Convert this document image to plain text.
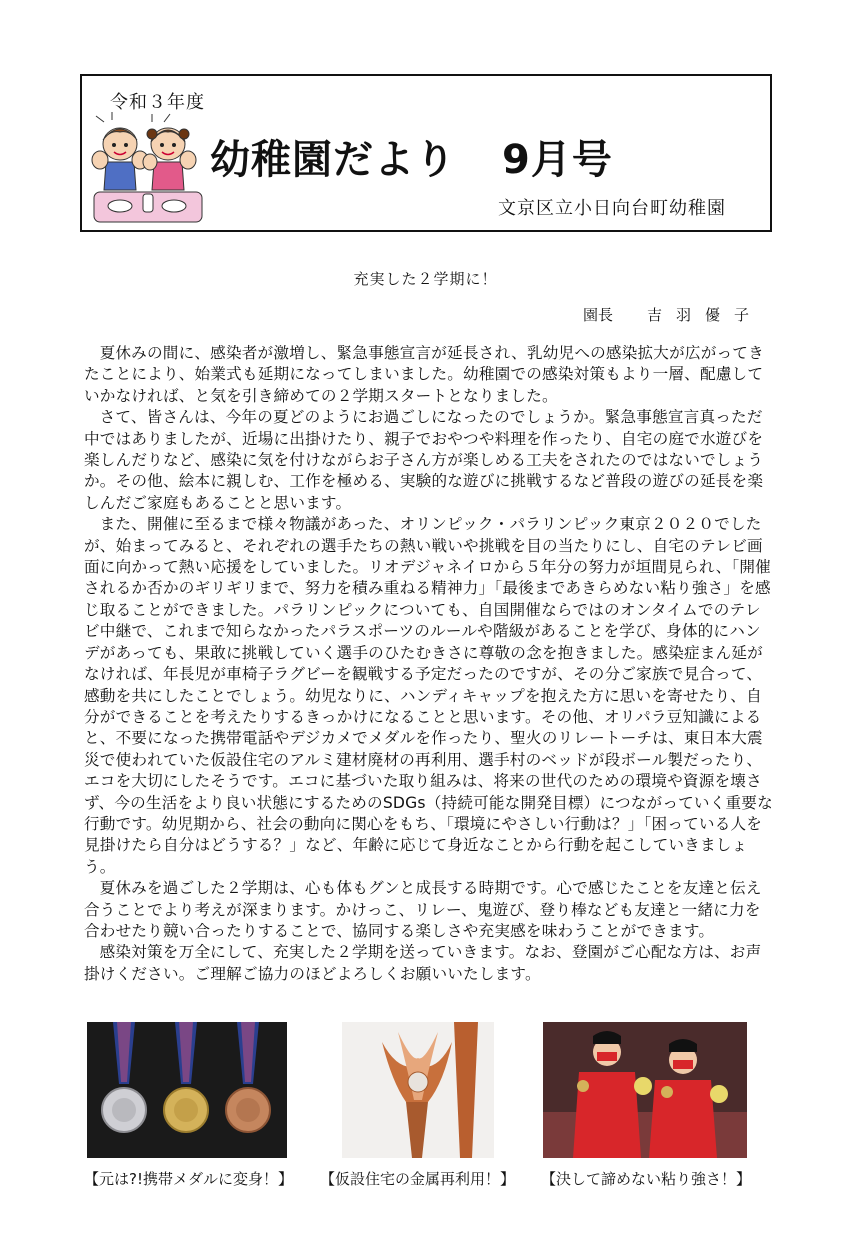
令和３年度
幼稚園だより 9月号
文京区立小日向台町幼稚園
充実した２学期に！
園長 吉羽優子

夏休みの間に、感染者が激増し、緊急事態宣言が延長され、乳幼児への感染拡大が広がってきたことにより、始業式も延期になってしまいました。幼稚園での感染対策もより一層、配慮していかなければ、と気を引き締めての２学期スタートとなりました。

さて、皆さんは、今年の夏どのようにお過ごしになったのでしょうか。緊急事態宣言真っただ中ではありましたが、近場に出掛けたり、親子でおやつや料理を作ったり、自宅の庭で水遊びを楽しんだりなど、感染に気を付けながらお子さん方が楽しめる工夫をされたのではないでしょうか。その他、絵本に親しむ、工作を極める、実験的な遊びに挑戦するなど普段の遊びの延長を楽しんだご家庭もあることと思います。

また、開催に至るまで様々物議があった、オリンピック・パラリンピック東京２０２０でしたが、始まってみると、それぞれの選手たちの熱い戦いや挑戦を目の当たりにし、自宅のテレビ画面に向かって熱い応援をしていました。リオデジャネイロから５年分の努力が垣間見られ、「開催されるか否かのギリギリまで、努力を積み重ねる精神力」「最後まであきらめない粘り強さ」を感じ取ることができました。パラリンピックについても、自国開催ならではのオンタイムでのテレビ中継で、これまで知らなかったパラスポーツのルールや階級があることを学び、身体的にハンデがあっても、果敢に挑戦していく選手のひたむきさに尊敬の念を抱きました。感染症まん延がなければ、年長児が車椅子ラグビーを観戦する予定だったのですが、その分ご家族で見合って、感動を共にしたことでしょう。幼児なりに、ハンディキャップを抱えた方に思いを寄せたり、自分ができることを考えたりするきっかけになることと思います。その他、オリパラ豆知識によると、不要になった携帯電話やデジカメでメダルを作ったり、聖火のリレートーチは、東日本大震災で使われていた仮設住宅のアルミ建材廃材の再利用、選手村のベッドが段ボール製だったり、エコを大切にしたそうです。エコに基づいた取り組みは、将来の世代のための環境や資源を壊さず、今の生活をより良い状態にするためのSDGs（持続可能な開発目標）につながっていく重要な行動です。幼児期から、社会の動向に関心をもち、「環境にやさしい行動は？」「困っている人を見掛けたら自分はどうする？」など、年齢に応じて身近なことから行動を起こしていきましょう。

夏休みを過ごした２学期は、心も体もグンと成長する時期です。心で感じたことを友達と伝え合うことでより考えが深まります。かけっこ、リレー、鬼遊び、登り棒なども友達と一緒に力を合わせたり競い合ったりすることで、協同する楽しさや充実感を味わうことができます。

感染対策を万全にして、充実した２学期を送っていきます。なお、登園がご心配な方は、お声掛けください。ご理解ご協力のほどよろしくお願いいたします。

【元は?!携帯メダルに変身！】 【仮設住宅の金属再利用！】 【決して諦めない粘り強さ！】
